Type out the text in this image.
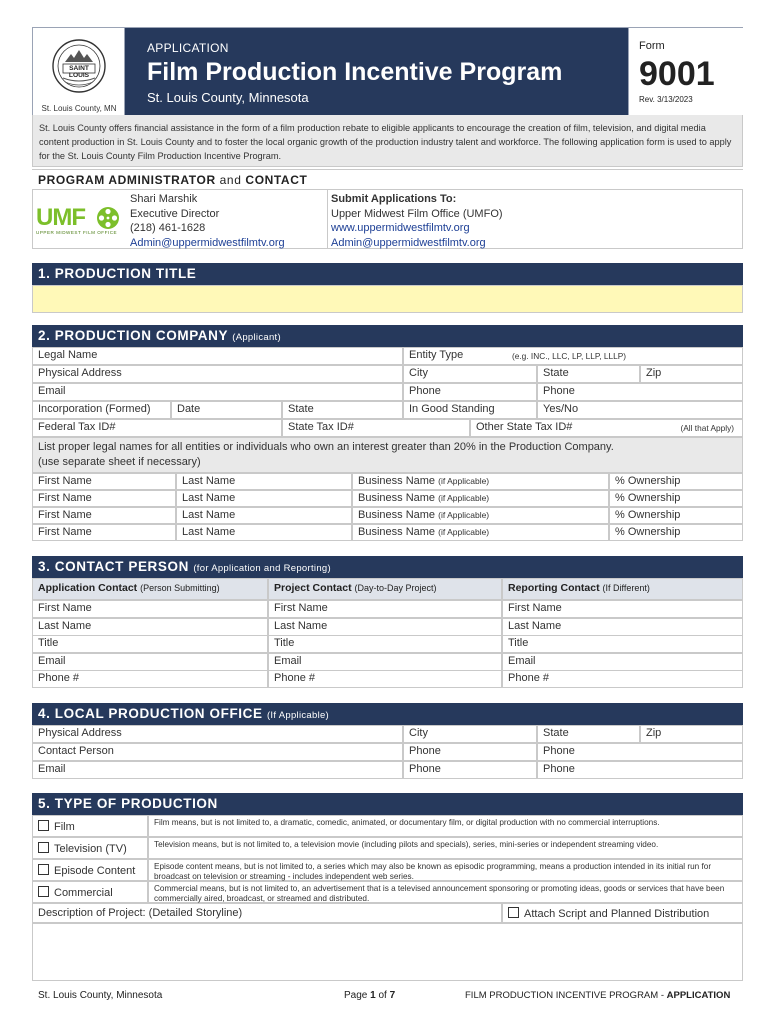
SAINT LOUIS
St. Louis County, MN
APPLICATION
Film Production Incentive Program
St. Louis County, Minnesota
Form
9001
Rev. 3/13/2023
St. Louis County offers financial assistance in the form of a film production rebate to eligible applicants to encourage the creation of film, television, and digital media content production in St. Louis County and to foster the local organic growth of the production industry talent and workforce. The following application form is used to apply for the St. Louis County Film Production Incentive Program.
PROGRAM ADMINISTRATOR and CONTACT
UMF
UPPER MIDWEST FILM OFFICE
Shari Marshik
Executive Director
(218) 461-1628
Admin@uppermidwestfilmtv.org
Submit Applications To:
Upper Midwest Film Office (UMFO)
www.uppermidwestfilmtv.org
Admin@uppermidwestfilmtv.org
1. PRODUCTION TITLE
2. PRODUCTION COMPANY (Applicant)
Legal Name	Entity Type	(e.g. INC., LLC, LP, LLP, LLLP)
Physical Address	City	State	Zip
Email	Phone	Phone
Incorporation (Formed)	Date	State	In Good Standing	Yes/No
Federal Tax ID#	State Tax ID#	Other State Tax ID#	(All that Apply)
List proper legal names for all entities or individuals who own an interest greater than 20% in the Production Company.
(use separate sheet if necessary)
First Name	Last Name	Business Name (if Applicable)	% Ownership
First Name	Last Name	Business Name (if Applicable)	% Ownership
First Name	Last Name	Business Name (if Applicable)	% Ownership
First Name	Last Name	Business Name (if Applicable)	% Ownership
3. CONTACT PERSON (for Application and Reporting)
Application Contact (Person Submitting)	Project Contact (Day-to-Day Project)	Reporting Contact (If Different)
First Name	First Name	First Name
Last Name	Last Name	Last Name
Title	Title	Title
Email	Email	Email
Phone #	Phone #	Phone #
4. LOCAL PRODUCTION OFFICE (If Applicable)
Physical Address	City	State	Zip
Contact Person	Phone	Phone
Email	Phone	Phone
5. TYPE OF PRODUCTION
Film	Film means, but is not limited to, a dramatic, comedic, animated, or documentary film, or digital production with no commercial interruptions.
Television (TV)	Television means, but is not limited to, a television movie (including pilots and specials), series, mini-series or independent streaming video.
Episode Content	Episode content means, but is not limited to, a series which may also be known as episodic programming, means a production intended in its initial run for broadcast on television or streaming - includes independent web series.
Commercial	Commercial means, but is not limited to, an advertisement that is a televised announcement sponsoring or promoting ideas, goods or services that have been commercially aired, broadcast, or streamed and distributed.
Description of Project: (Detailed Storyline)	Attach Script and Planned Distribution
St. Louis County, Minnesota	Page 1 of 7	FILM PRODUCTION INCENTIVE PROGRAM - APPLICATION
